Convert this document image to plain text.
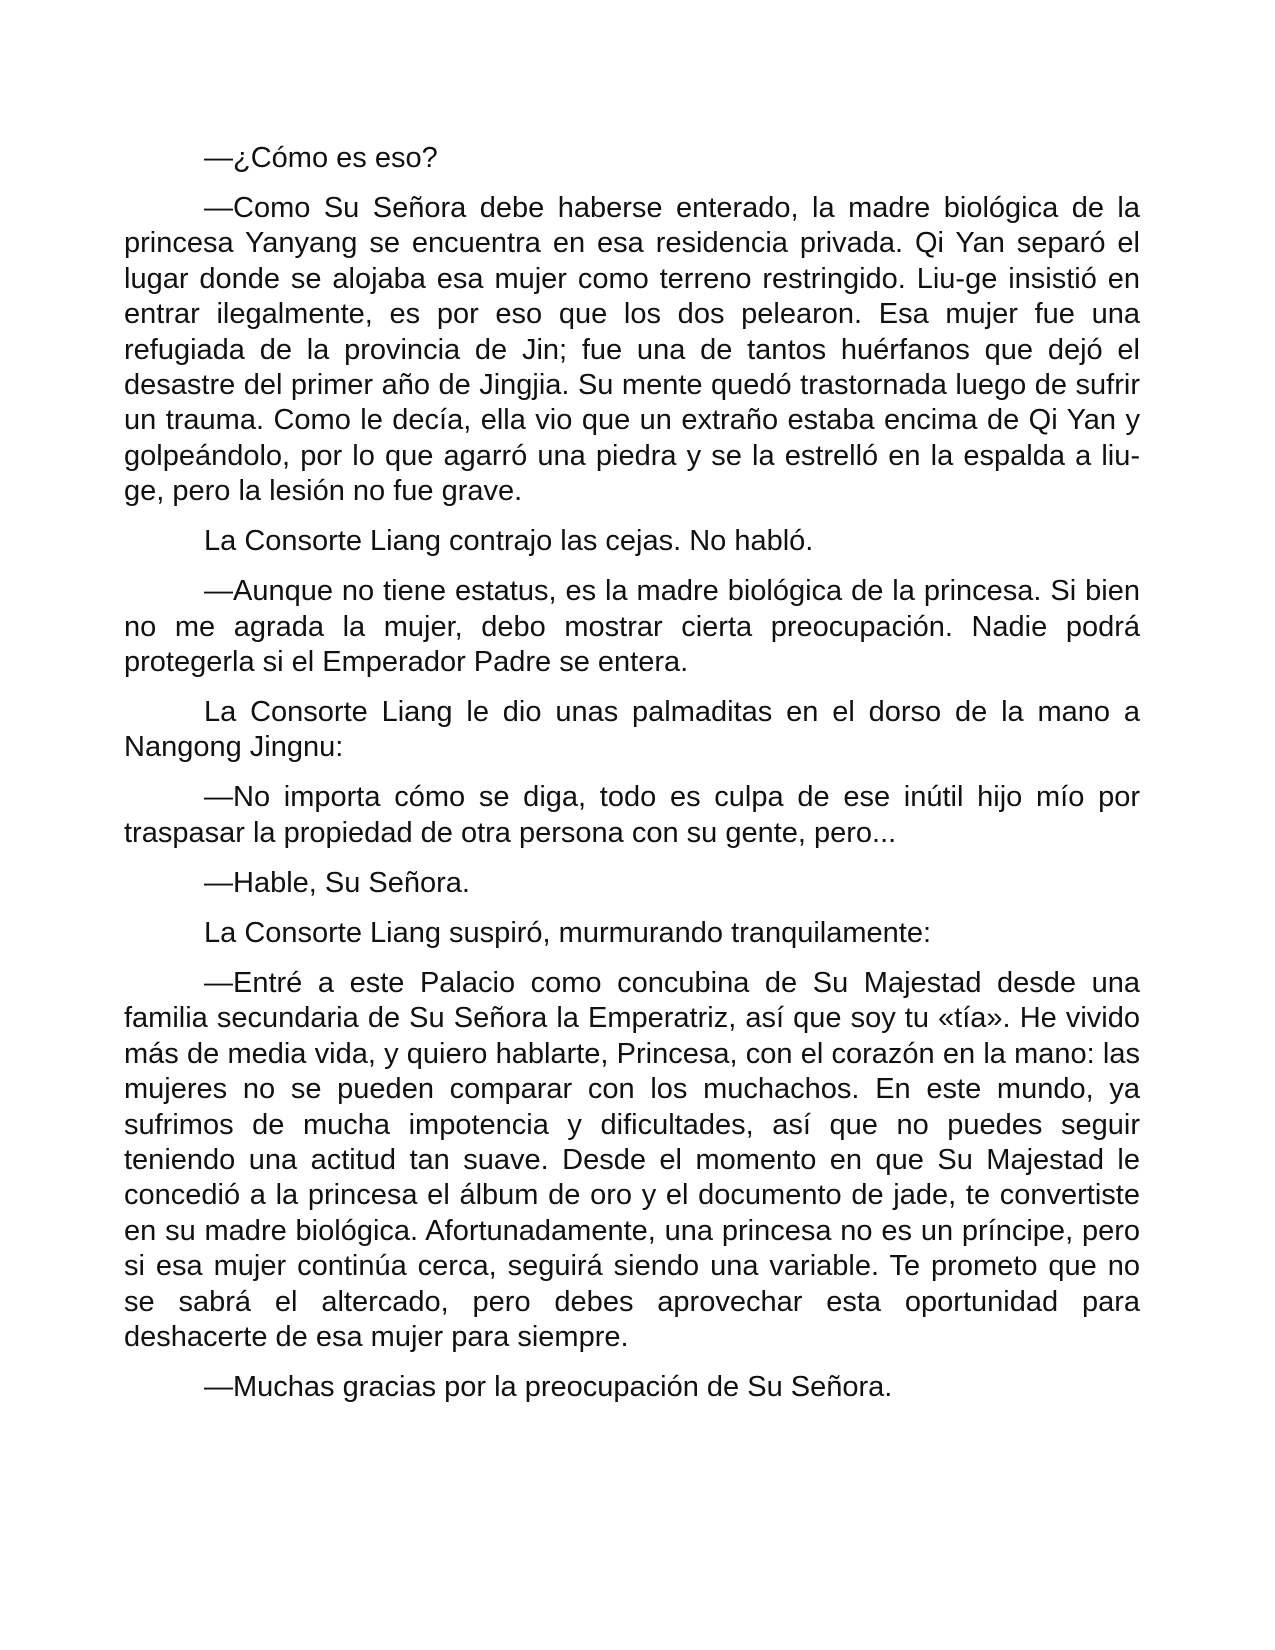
—¿Cómo es eso?

—Como Su Señora debe haberse enterado, la madre biológica de la princesa Yanyang se encuentra en esa residencia privada. Qi Yan separó el lugar donde se alojaba esa mujer como terreno restringido. Liu-ge insistió en entrar ilegalmente, es por eso que los dos pelearon. Esa mujer fue una refugiada de la provincia de Jin; fue una de tantos huérfanos que dejó el desastre del primer año de Jingjia. Su mente quedó trastornada luego de sufrir un trauma. Como le decía, ella vio que un extraño estaba encima de Qi Yan y golpeándolo, por lo que agarró una piedra y se la estrelló en la espalda a liu-ge, pero la lesión no fue grave.

La Consorte Liang contrajo las cejas. No habló.

—Aunque no tiene estatus, es la madre biológica de la princesa. Si bien no me agrada la mujer, debo mostrar cierta preocupación. Nadie podrá protegerla si el Emperador Padre se entera.

La Consorte Liang le dio unas palmaditas en el dorso de la mano a Nangong Jingnu:

—No importa cómo se diga, todo es culpa de ese inútil hijo mío por traspasar la propiedad de otra persona con su gente, pero...

—Hable, Su Señora.

La Consorte Liang suspiró, murmurando tranquilamente:

—Entré a este Palacio como concubina de Su Majestad desde una familia secundaria de Su Señora la Emperatriz, así que soy tu «tía». He vivido más de media vida, y quiero hablarte, Princesa, con el corazón en la mano: las mujeres no se pueden comparar con los muchachos. En este mundo, ya sufrimos de mucha impotencia y dificultades, así que no puedes seguir teniendo una actitud tan suave. Desde el momento en que Su Majestad le concedió a la princesa el álbum de oro y el documento de jade, te convertiste en su madre biológica. Afortunadamente, una princesa no es un príncipe, pero si esa mujer continúa cerca, seguirá siendo una variable. Te prometo que no se sabrá el altercado, pero debes aprovechar esta oportunidad para deshacerte de esa mujer para siempre.

—Muchas gracias por la preocupación de Su Señora.
